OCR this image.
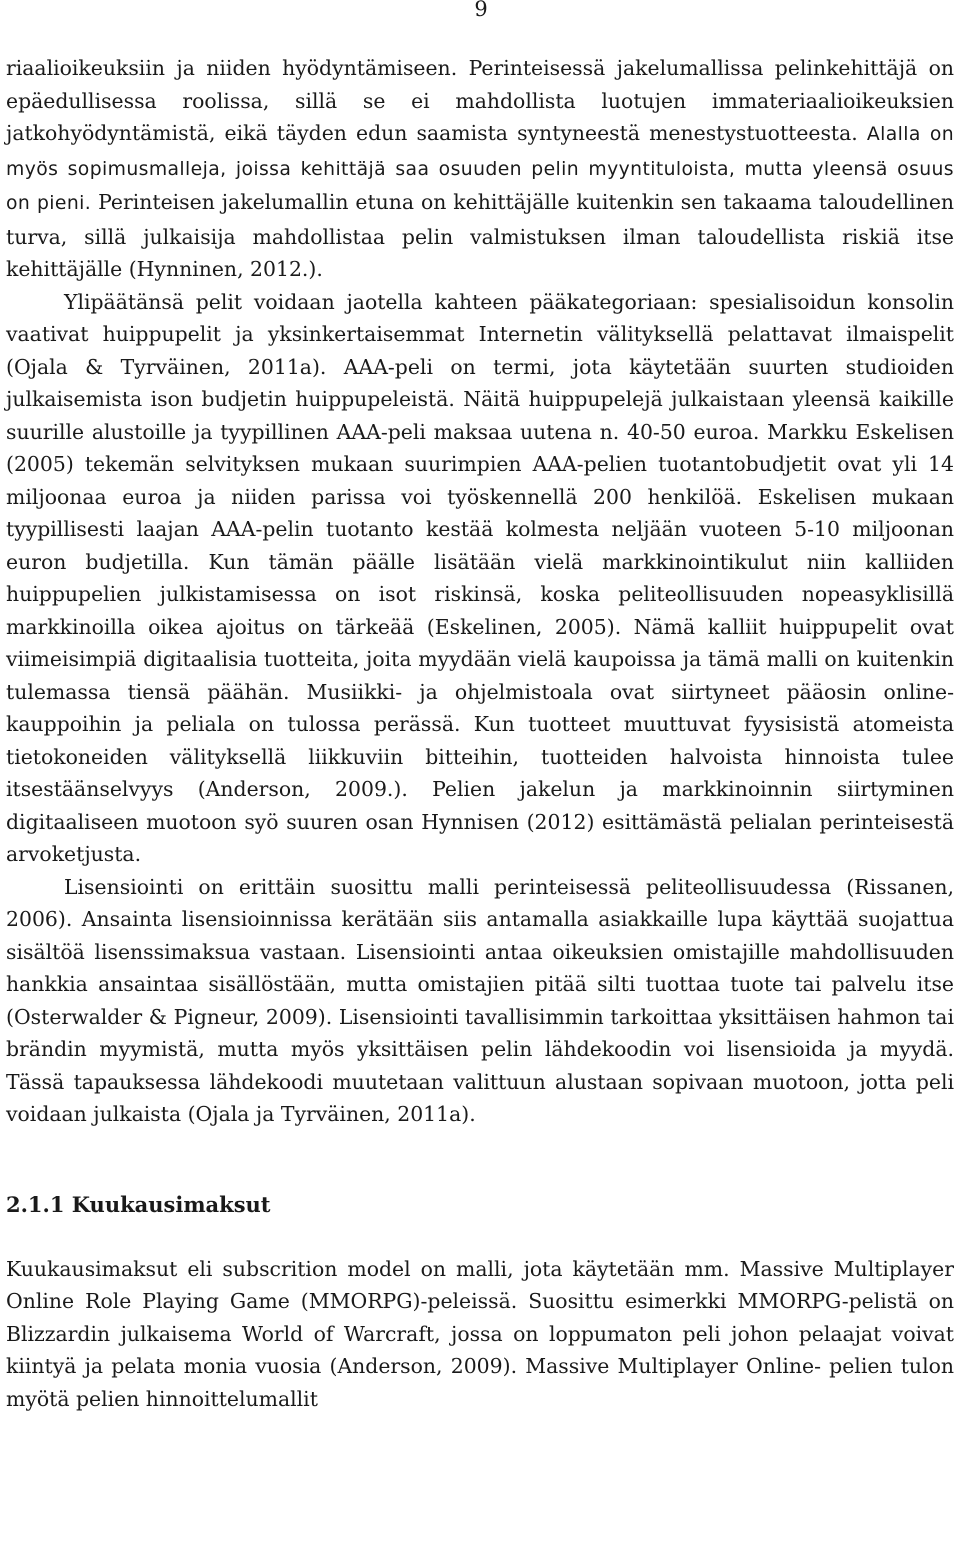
9

riaalioikeuksiin ja niiden hyödyntämiseen. Perinteisessä jakelumallissa pelinkehittäjä on epäedullisessa roolissa, sillä se ei mahdollista luotujen immateriaalioikeuksien jatkohyödyntämistä, eikä täyden edun saamista syntyneestä menestystuotteesta. Alalla on myös sopimusmalleja, joissa kehittäjä saa osuuden pelin myyntituloista, mutta yleensä osuus on pieni. Perinteisen jakelumallin etuna on kehittäjälle kuitenkin sen takaama taloudellinen turva, sillä julkaisija mahdollistaa pelin valmistuksen ilman taloudellista riskiä itse kehittäjälle (Hynninen, 2012.).

Ylipäätänsä pelit voidaan jaotella kahteen pääkategoriaan: spesialisoidun konsolin vaativat huippupelit ja yksinkertaisemmat Internetin välityksellä pelattavat ilmaispelit (Ojala & Tyrväinen, 2011a). AAA-peli on termi, jota käytetään suurten studioiden julkaisemista ison budjetin huippupeleistä. Näitä huippupelejä julkaistaan yleensä kaikille suurille alustoille ja tyypillinen AAA-peli maksaa uutena n. 40-50 euroa. Markku Eskelisen (2005) tekemän selvityksen mukaan suurimpien AAA-pelien tuotantobudjetit ovat yli 14 miljoonaa euroa ja niiden parissa voi työskennellä 200 henkilöä. Eskelisen mukaan tyypillisesti laajan AAA-pelin tuotanto kestää kolmesta neljään vuoteen 5-10 miljoonan euron budjetilla. Kun tämän päälle lisätään vielä markkinointikulut niin kalliiden huippupelien julkistamisessa on isot riskinsä, koska peliteollisuuden nopeasyklisillä markkinoilla oikea ajoitus on tärkeää (Eskelinen, 2005). Nämä kalliit huippupelit ovat viimeisimpiä digitaalisia tuotteita, joita myydään vielä kaupoissa ja tämä malli on kuitenkin tulemassa tiensä päähän. Musiikki- ja ohjelmistoala ovat siirtyneet pääosin online-kauppoihin ja peliala on tulossa perässä. Kun tuotteet muuttuvat fyysisistä atomeista tietokoneiden välityksellä liikkuviin bitteihin, tuotteiden halvoista hinnoista tulee itsestäänselvyys (Anderson, 2009.). Pelien jakelun ja markkinoinnin siirtyminen digitaaliseen muotoon syö suuren osan Hynnisen (2012) esittämästä pelialan perinteisestä arvoketjusta.

Lisensiointi on erittäin suosittu malli perinteisessä peliteollisuudessa (Rissanen, 2006). Ansainta lisensioinnissa kerätään siis antamalla asiakkaille lupa käyttää suojattua sisältöä lisenssimaksua vastaan. Lisensiointi antaa oikeuksien omistajille mahdollisuuden hankkia ansaintaa sisällöstään, mutta omistajien pitää silti tuottaa tuote tai palvelu itse (Osterwalder & Pigneur, 2009). Lisensiointi tavallisimmin tarkoittaa yksittäisen hahmon tai brändin myymistä, mutta myös yksittäisen pelin lähdekoodin voi lisensioida ja myydä. Tässä tapauksessa lähdekoodi muutetaan valittuun alustaan sopivaan muotoon, jotta peli voidaan julkaista (Ojala ja Tyrväinen, 2011a).

2.1.1 Kuukausimaksut

Kuukausimaksut eli subscrition model on malli, jota käytetään mm. Massive Multiplayer Online Role Playing Game (MMORPG)-peleissä. Suosittu esimerkki MMORPG-pelistä on Blizzardin julkaisema World of Warcraft, jossa on loppumaton peli johon pelaajat voivat kiintyä ja pelata monia vuosia (Anderson, 2009). Massive Multiplayer Online- pelien tulon myötä pelien hinnoittelumallit
